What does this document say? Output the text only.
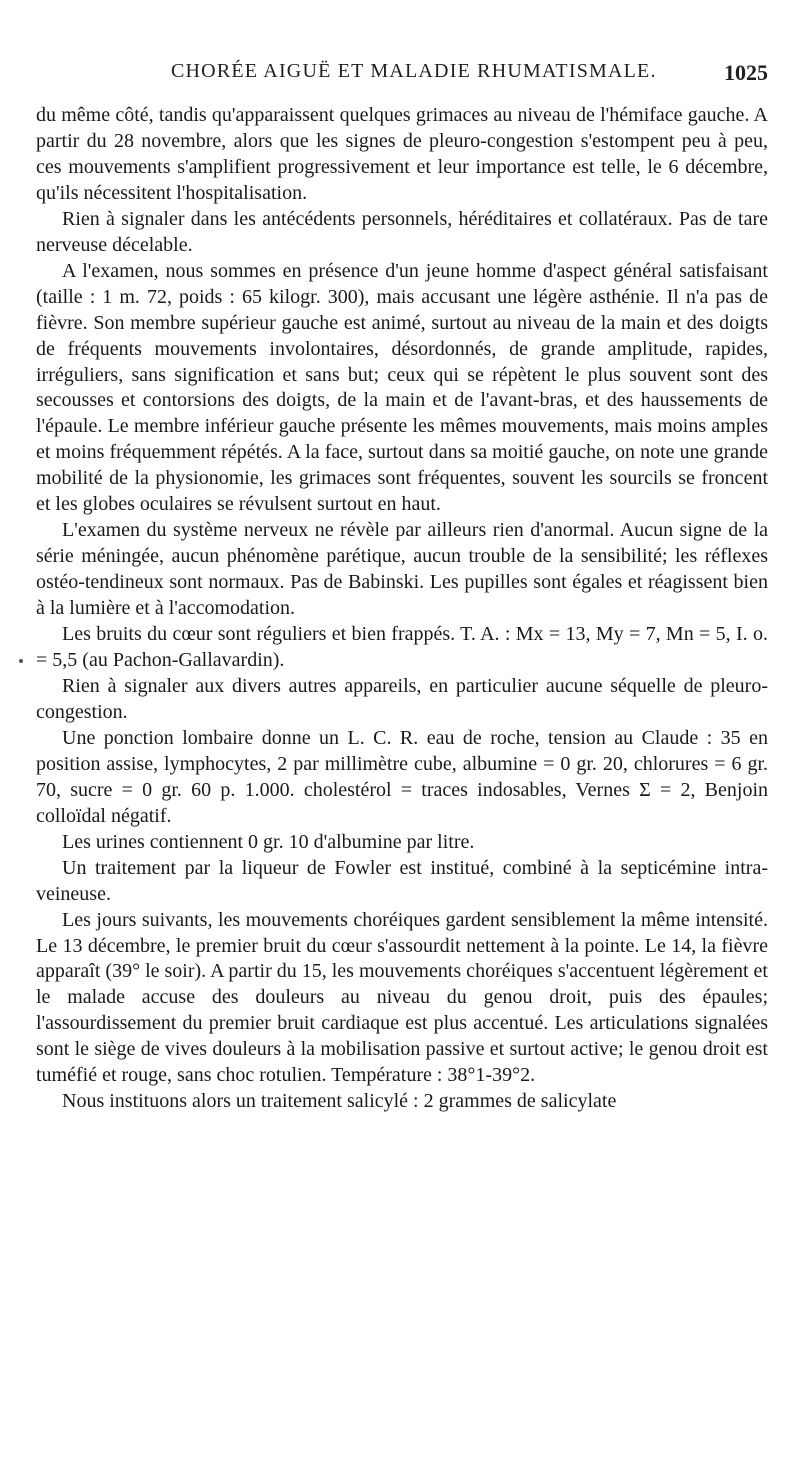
CHORÉE AIGUË ET MALADIE RHUMATISMALE.	1025

du même côté, tandis qu'apparaissent quelques grimaces au niveau de l'hémiface gauche. A partir du 28 novembre, alors que les signes de pleuro-congestion s'estompent peu à peu, ces mouvements s'amplifient progressivement et leur importance est telle, le 6 décembre, qu'ils nécessitent l'hospitalisation.

Rien à signaler dans les antécédents personnels, héréditaires et collatéraux. Pas de tare nerveuse décelable.

A l'examen, nous sommes en présence d'un jeune homme d'aspect général satisfaisant (taille : 1 m. 72, poids : 65 kilogr. 300), mais accusant une légère asthénie. Il n'a pas de fièvre. Son membre supérieur gauche est animé, surtout au niveau de la main et des doigts de fréquents mouvements involontaires, désordonnés, de grande amplitude, rapides, irréguliers, sans signification et sans but; ceux qui se répètent le plus souvent sont des secousses et contorsions des doigts, de la main et de l'avant-bras, et des haussements de l'épaule. Le membre inférieur gauche présente les mêmes mouvements, mais moins amples et moins fréquemment répétés. A la face, surtout dans sa moitié gauche, on note une grande mobilité de la physionomie, les grimaces sont fréquentes, souvent les sourcils se froncent et les globes oculaires se révulsent surtout en haut.

L'examen du système nerveux ne révèle par ailleurs rien d'anormal. Aucun signe de la série méningée, aucun phénomène parétique, aucun trouble de la sensibilité; les réflexes ostéo-tendineux sont normaux. Pas de Babinski. Les pupilles sont égales et réagissent bien à la lumière et à l'accomodation.

Les bruits du cœur sont réguliers et bien frappés. T. A. : Mx = 13, My = 7, Mn = 5, I. o. = 5,5 (au Pachon-Gallavardin).

Rien à signaler aux divers autres appareils, en particulier aucune séquelle de pleuro-congestion.

Une ponction lombaire donne un L. C. R. eau de roche, tension au Claude : 35 en position assise, lymphocytes, 2 par millimètre cube, albumine = 0 gr. 20, chlorures = 6 gr. 70, sucre = 0 gr. 60 p. 1.000. cholestérol = traces indosables, Vernes Σ = 2, Benjoin colloïdal négatif.

Les urines contiennent 0 gr. 10 d'albumine par litre.

Un traitement par la liqueur de Fowler est institué, combiné à la septicémine intra-veineuse.

Les jours suivants, les mouvements choréiques gardent sensiblement la même intensité. Le 13 décembre, le premier bruit du cœur s'assourdit nettement à la pointe. Le 14, la fièvre apparaît (39° le soir). A partir du 15, les mouvements choréiques s'accentuent légèrement et le malade accuse des douleurs au niveau du genou droit, puis des épaules; l'assourdissement du premier bruit cardiaque est plus accentué. Les articulations signalées sont le siège de vives douleurs à la mobilisation passive et surtout active; le genou droit est tuméfié et rouge, sans choc rotulien. Température : 38°1-39°2.

Nous instituons alors un traitement salicylé : 2 grammes de salicylate
